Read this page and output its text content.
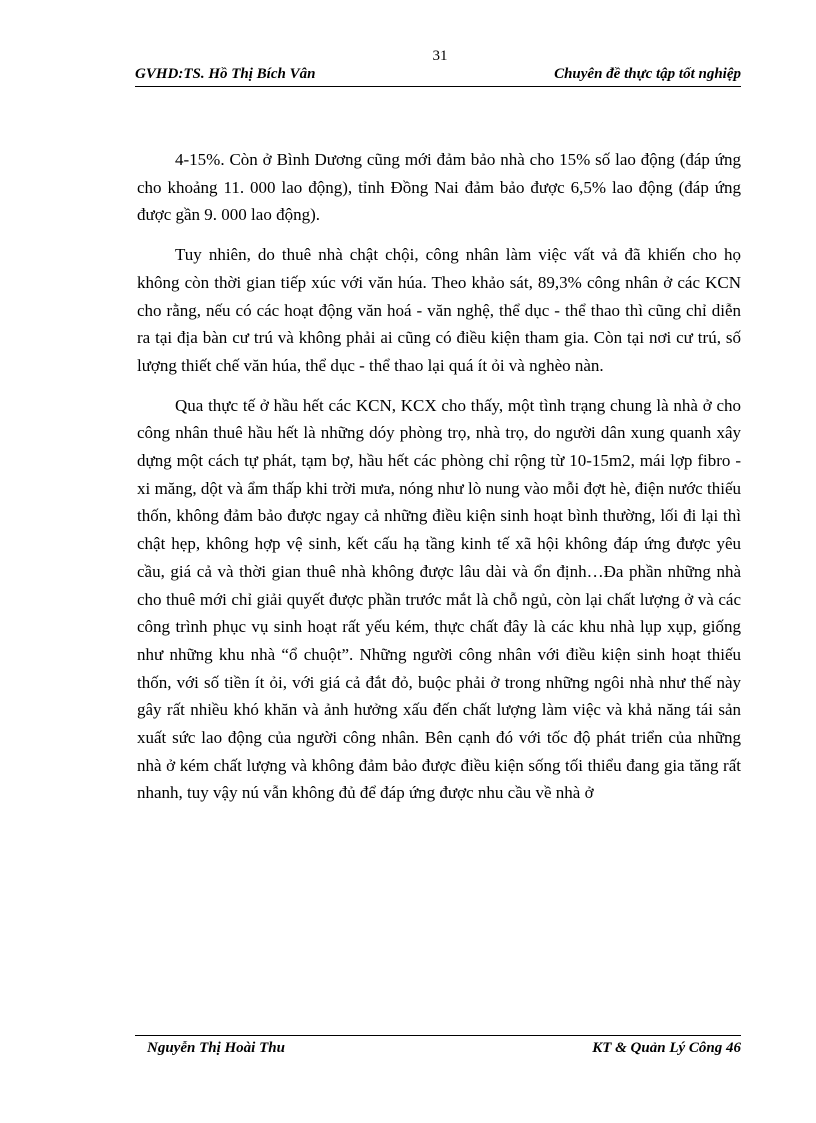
31
GVHD:TS. Hồ Thị Bích Vân	Chuyên đề thực tập tốt nghiệp

4-15%. Còn ở Bình Dương cũng mới đảm bảo nhà cho 15% số lao động (đáp ứng cho khoảng 11. 000 lao động), tỉnh Đồng Nai đảm bảo được 6,5% lao động (đáp ứng được gần 9. 000 lao động).

Tuy nhiên, do thuê nhà chật chội, công nhân làm việc vất vả đã khiến cho họ không còn thời gian tiếp xúc với văn húa. Theo khảo sát, 89,3% công nhân ở các KCN cho rằng, nếu có các hoạt động văn hoá - văn nghệ, thể dục - thể thao thì cũng chỉ diễn ra tại địa bàn cư trú và không phải ai cũng có điều kiện tham gia. Còn tại nơi cư trú, số lượng thiết chế văn húa, thể dục - thể thao lại quá ít ỏi và nghèo nàn.

Qua thực tế ở hầu hết các KCN, KCX cho thấy, một tình trạng chung là nhà ở cho công nhân thuê hầu hết là những dóy phòng trọ, nhà trọ, do người dân xung quanh xây dựng một cách tự phát, tạm bợ, hầu hết các phòng chỉ rộng từ 10-15m2, mái lợp fibro - xi măng, dột và ẩm thấp khi trời mưa, nóng như lò nung vào mỗi đợt hè, điện nước thiếu thốn, không đảm bảo được ngay cả những điều kiện sinh hoạt bình thường, lối đi lại thì chật hẹp, không hợp vệ sinh, kết cấu hạ tầng kinh tế xã hội không đáp ứng được yêu cầu, giá cả và thời gian thuê nhà không được lâu dài và ổn định…Đa phần những nhà cho thuê mới chỉ giải quyết được phần trước mắt là chỗ ngủ, còn lại chất lượng ở và các công trình phục vụ sinh hoạt rất yếu kém, thực chất đây là các khu nhà lụp xụp, giống như những khu nhà “ổ chuột”. Những người công nhân với điều kiện sinh hoạt thiếu thốn, với số tiền ít ỏi, với giá cả đắt đỏ, buộc phải ở trong những ngôi nhà như thế này gây rất nhiều khó khăn và ảnh hưởng xấu đến chất lượng làm việc và khả năng tái sản xuất sức lao động của người công nhân. Bên cạnh đó với tốc độ phát triển của những nhà ở kém chất lượng và không đảm bảo được điều kiện sống tối thiểu đang gia tăng rất nhanh, tuy vậy nú vẫn không đủ để đáp ứng được nhu cầu về nhà ở

Nguyễn Thị Hoài Thu	KT & Quản Lý Công 46
